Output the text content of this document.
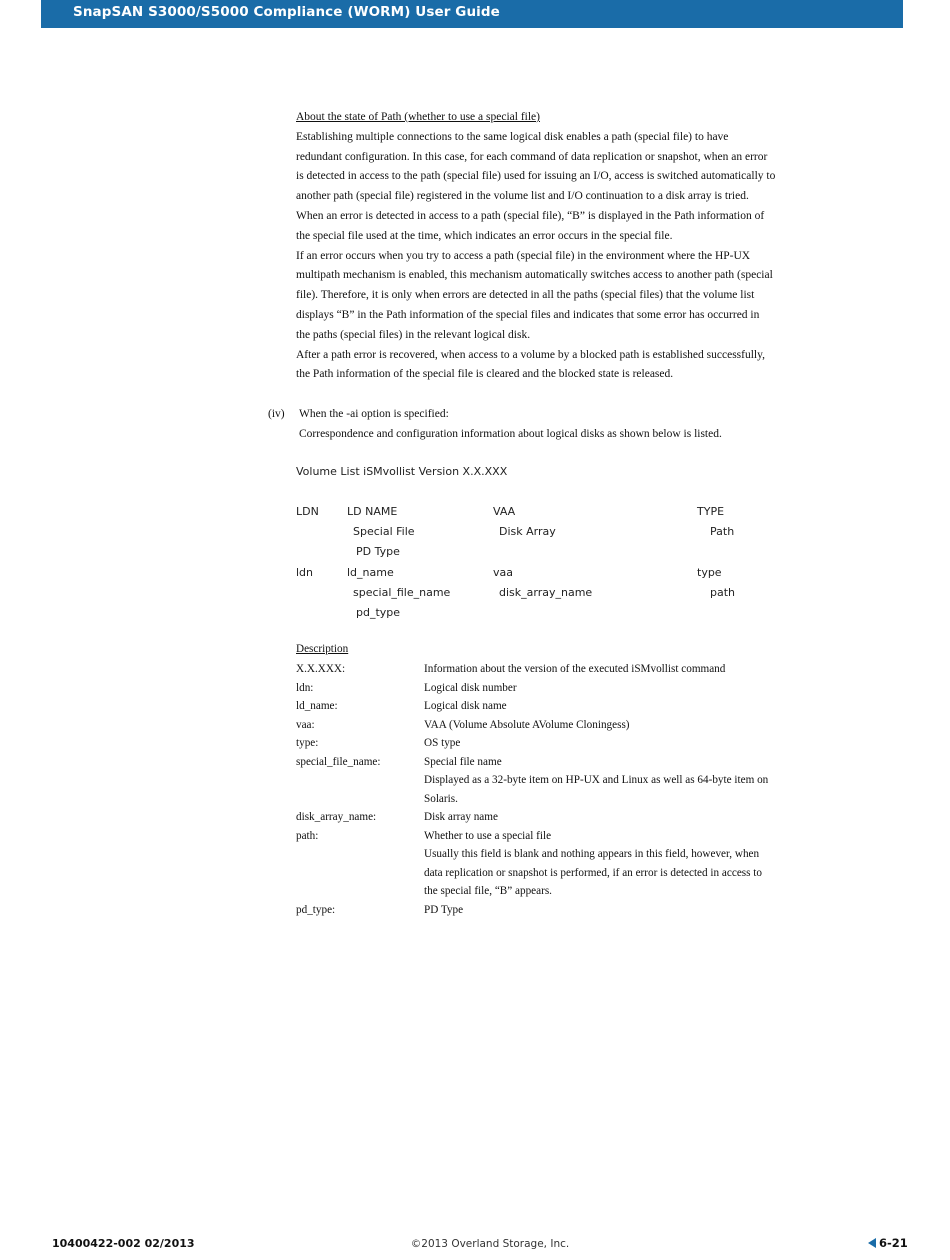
SnapSAN S3000/S5000 Compliance (WORM) User Guide
About the state of Path (whether to use a special file)
Establishing multiple connections to the same logical disk enables a path (special file) to have
redundant configuration. In this case, for each command of data replication or snapshot, when an error
is detected in access to the path (special file) used for issuing an I/O, access is switched automatically to
another path (special file) registered in the volume list and I/O continuation to a disk array is tried.
When an error is detected in access to a path (special file), “B” is displayed in the Path information of
the special file used at the time, which indicates an error occurs in the special file.
If an error occurs when you try to access a path (special file) in the environment where the HP-UX
multipath mechanism is enabled, this mechanism automatically switches access to another path (special
file). Therefore, it is only when errors are detected in all the paths (special files) that the volume list
displays “B” in the Path information of the special files and indicates that some error has occurred in
the paths (special files) in the relevant logical disk.
After a path error is recovered, when access to a volume by a blocked path is established successfully,
the Path information of the special file is cleared and the blocked state is released.
(iv) When the -ai option is specified:
Correspondence and configuration information about logical disks as shown below is listed.
Volume List iSMvollist Version X.X.XXX
LDN	LD NAME	VAA	TYPE
Special File	Disk Array	Path
PD Type
ldn	ld_name	vaa	type
special_file_name	disk_array_name	path
pd_type
Description
X.X.XXX:	Information about the version of the executed iSMvollist command
ldn:	Logical disk number
ld_name:	Logical disk name
vaa:	VAA (Volume Absolute AVolume Cloningess)
type:	OS type
special_file_name:	Special file name
Displayed as a 32-byte item on HP-UX and Linux as well as 64-byte item on
Solaris.
disk_array_name:	Disk array name
path:	Whether to use a special file
Usually this field is blank and nothing appears in this field, however, when
data replication or snapshot is performed, if an error is detected in access to
the special file, “B” appears.
pd_type:	PD Type
10400422-002 02/2013	©2013 Overland Storage, Inc.	6-21
